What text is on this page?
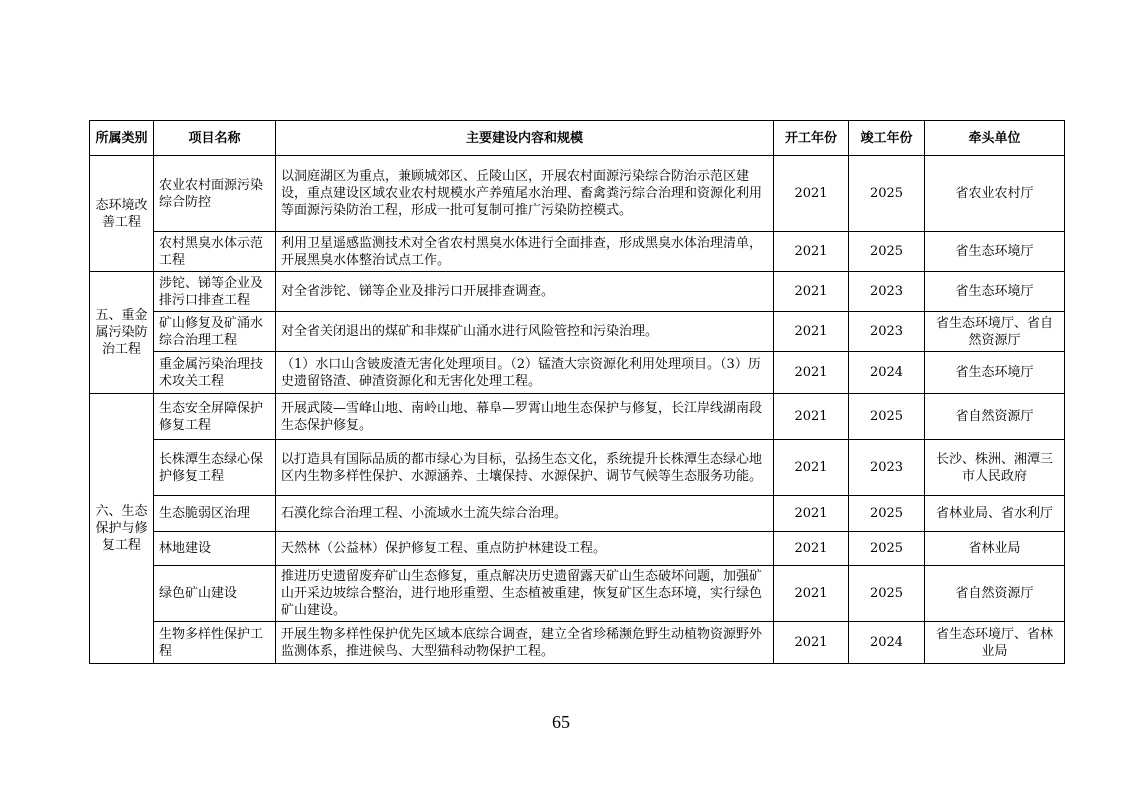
所属类别	项目名称	主要建设内容和规模	开工年份	竣工年份	牵头单位
态环境改善工程	农业农村面源污染综合防控	以洞庭湖区为重点，兼顾城郊区、丘陵山区，开展农村面源污染综合防治示范区建设，重点建设区域农业农村规模水产养殖尾水治理、畜禽粪污综合治理和资源化利用等面源污染防治工程，形成一批可复制可推广污染防控模式。	2021	2025	省农业农村厅
	农村黑臭水体示范工程	利用卫星遥感监测技术对全省农村黑臭水体进行全面排查，形成黑臭水体治理清单，开展黑臭水体整治试点工作。	2021	2025	省生态环境厅
五、重金属污染防治工程	涉铊、锑等企业及排污口排查工程	对全省涉铊、锑等企业及排污口开展排查调查。	2021	2023	省生态环境厅
	矿山修复及矿涌水综合治理工程	对全省关闭退出的煤矿和非煤矿山涌水进行风险管控和污染治理。	2021	2023	省生态环境厅、省自然资源厅
	重金属污染治理技术攻关工程	（1）水口山含铍废渣无害化处理项目。（2）锰渣大宗资源化利用处理项目。（3）历史遗留铬渣、砷渣资源化和无害化处理工程。	2021	2024	省生态环境厅
六、生态保护与修复工程	生态安全屏障保护修复工程	开展武陵—雪峰山地、南岭山地、幕阜—罗霄山地生态保护与修复，长江岸线湖南段生态保护修复。	2021	2025	省自然资源厅
	长株潭生态绿心保护修复工程	以打造具有国际品质的都市绿心为目标，弘扬生态文化，系统提升长株潭生态绿心地区内生物多样性保护、水源涵养、土壤保持、水源保护、调节气候等生态服务功能。	2021	2023	长沙、株洲、湘潭三市人民政府
	生态脆弱区治理	石漠化综合治理工程、小流域水土流失综合治理。	2021	2025	省林业局、省水利厅
	林地建设	天然林（公益林）保护修复工程、重点防护林建设工程。	2021	2025	省林业局
	绿色矿山建设	推进历史遗留废弃矿山生态修复，重点解决历史遗留露天矿山生态破坏问题，加强矿山开采边坡综合整治，进行地形重塑、生态植被重建，恢复矿区生态环境，实行绿色矿山建设。	2021	2025	省自然资源厅
	生物多样性保护工程	开展生物多样性保护优先区域本底综合调查，建立全省珍稀濒危野生动植物资源野外监测体系，推进候鸟、大型猫科动物保护工程。	2021	2024	省生态环境厅、省林业局
65
